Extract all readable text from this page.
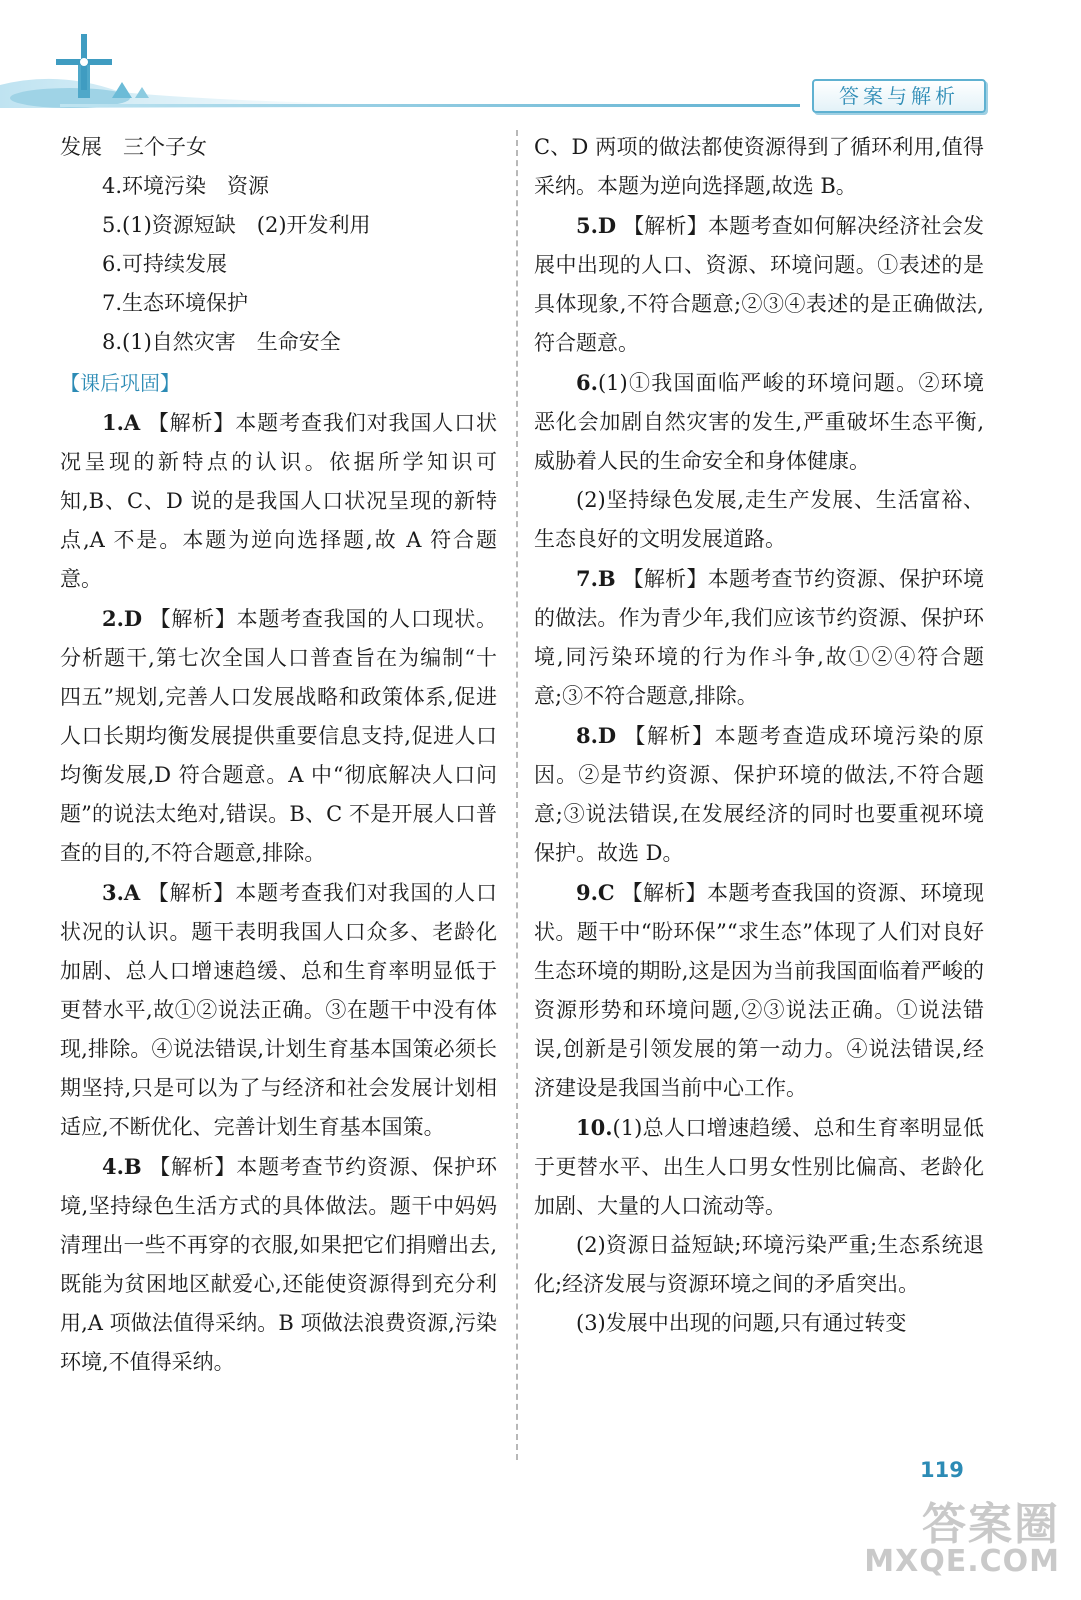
答案与解析

发展　三个子女

4.环境污染　资源

5.(1)资源短缺　(2)开发利用

6.可持续发展

7.生态环境保护

8.(1)自然灾害　生命安全

【课后巩固】

1.A 【解析】本题考查我们对我国人口状况呈现的新特点的认识。依据所学知识可知,B、C、D 说的是我国人口状况呈现的新特点,A 不是。本题为逆向选择题,故 A 符合题意。

2.D 【解析】本题考查我国的人口现状。分析题干,第七次全国人口普查旨在为编制“十四五”规划,完善人口发展战略和政策体系,促进人口长期均衡发展提供重要信息支持,促进人口均衡发展,D 符合题意。A 中“彻底解决人口问题”的说法太绝对,错误。B、C 不是开展人口普查的目的,不符合题意,排除。

3.A 【解析】本题考查我们对我国的人口状况的认识。题干表明我国人口众多、老龄化加剧、总人口增速趋缓、总和生育率明显低于更替水平,故①②说法正确。③在题干中没有体现,排除。④说法错误,计划生育基本国策必须长期坚持,只是可以为了与经济和社会发展计划相适应,不断优化、完善计划生育基本国策。

4.B 【解析】本题考查节约资源、保护环境,坚持绿色生活方式的具体做法。题干中妈妈清理出一些不再穿的衣服,如果把它们捐赠出去,既能为贫困地区献爱心,还能使资源得到充分利用,A 项做法值得采纳。B 项做法浪费资源,污染环境,不值得采纳。

C、D 两项的做法都使资源得到了循环利用,值得采纳。本题为逆向选择题,故选 B。

5.D 【解析】本题考查如何解决经济社会发展中出现的人口、资源、环境问题。①表述的是具体现象,不符合题意;②③④表述的是正确做法,符合题意。

6.(1)①我国面临严峻的环境问题。②环境恶化会加剧自然灾害的发生,严重破坏生态平衡,威胁着人民的生命安全和身体健康。

(2)坚持绿色发展,走生产发展、生活富裕、生态良好的文明发展道路。

7.B 【解析】本题考查节约资源、保护环境的做法。作为青少年,我们应该节约资源、保护环境,同污染环境的行为作斗争,故①②④符合题意;③不符合题意,排除。

8.D 【解析】本题考查造成环境污染的原因。②是节约资源、保护环境的做法,不符合题意;③说法错误,在发展经济的同时也要重视环境保护。故选 D。

9.C 【解析】本题考查我国的资源、环境现状。题干中“盼环保”“求生态”体现了人们对良好生态环境的期盼,这是因为当前我国面临着严峻的资源形势和环境问题,②③说法正确。①说法错误,创新是引领发展的第一动力。④说法错误,经济建设是我国当前中心工作。

10.(1)总人口增速趋缓、总和生育率明显低于更替水平、出生人口男女性别比偏高、老龄化加剧、大量的人口流动等。

(2)资源日益短缺;环境污染严重;生态系统退化;经济发展与资源环境之间的矛盾突出。

(3)发展中出现的问题,只有通过转变

119
答案圈
MXQE.COM
